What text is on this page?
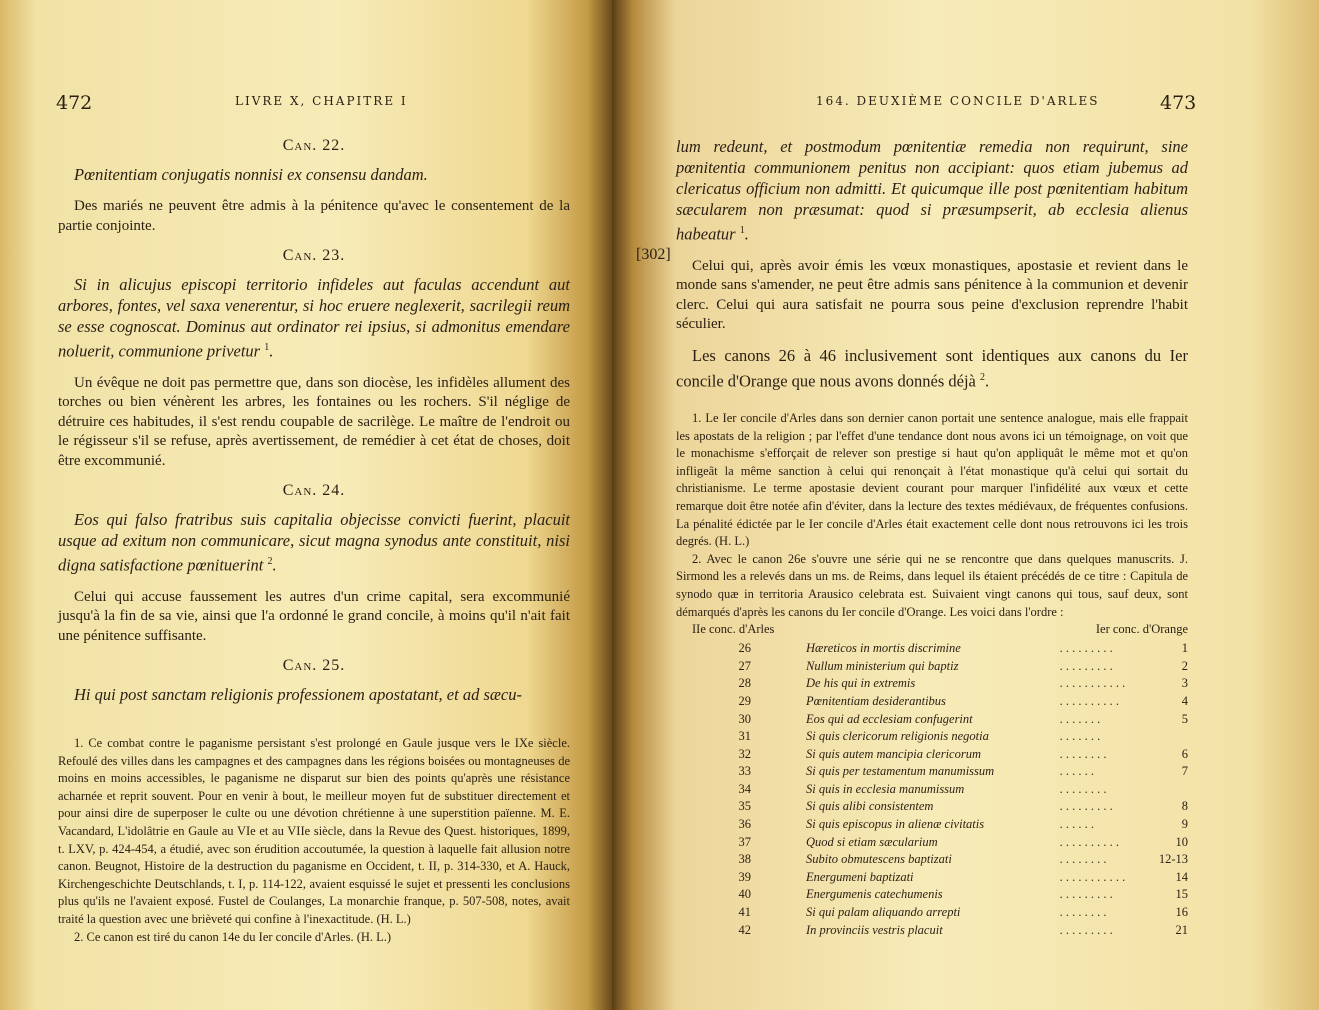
472	LIVRE X, CHAPITRE I
Can. 22.
Pœnitentiam conjugatis nonnisi ex consensu dandam.
Des mariés ne peuvent être admis à la pénitence qu'avec le consentement de la partie conjointe.
Can. 23.
Si in alicujus episcopi territorio infideles aut faculas accendunt aut arbores, fontes, vel saxa venerentur, si hoc eruere neglexerit, sacrilegii reum se esse cognoscat. Dominus aut ordinator rei ipsius, si admonitus emendare noluerit, communione privetur $^1$.
Un évêque ne doit pas permettre que, dans son diocèse, les infidèles allument des torches ou bien vénèrent les arbres, les fontaines ou les rochers. S'il néglige de détruire ces habitudes, il s'est rendu coupable de sacrilège. Le maître de l'endroit ou le régisseur s'il se refuse, après avertissement, de remédier à cet état de choses, doit être excommunié.
Can. 24.
Eos qui falso fratribus suis capitalia objecisse convicti fuerint, placuit usque ad exitum non communicare, sicut magna synodus ante constituit, nisi digna satisfactione pœnituerint $^2$.
Celui qui accuse faussement les autres d'un crime capital, sera excommunié jusqu'à la fin de sa vie, ainsi que l'a ordonné le grand concile, à moins qu'il n'ait fait une pénitence suffisante.
Can. 25.
Hi qui post sanctam religionis professionem apostatant, et ad sæcu-
1. Ce combat contre le paganisme persistant s'est prolongé en Gaule jusque vers le IXe siècle. Refoulé des villes dans les campagnes et des campagnes dans les régions boisées ou montagneuses de moins en moins accessibles, le paganisme ne disparut sur bien des points qu'après une résistance acharnée et reprit souvent. Pour en venir à bout, le meilleur moyen fut de substituer directement et pour ainsi dire de superposer le culte ou une dévotion chrétienne à une superstition païenne. M. E. Vacandard, L'idolâtrie en Gaule au VIe et au VIIe siècle, dans la Revue des Quest. historiques, 1899, t. LXV, p. 424-454, a étudié, avec son érudition accoutumée, la question à laquelle fait allusion notre canon. Beugnot, Histoire de la destruction du paganisme en Occident, t. II, p. 314-330, et A. Hauck, Kirchengeschichte Deutschlands, t. I, p. 114-122, avaient esquissé le sujet et pressenti les conclusions plus qu'ils ne l'avaient exposé. Fustel de Coulanges, La monarchie franque, p. 507-508, notes, avait traité la question avec une brièveté qui confine à l'inexactitude. (H. L.)
2. Ce canon est tiré du canon 14e du Ier concile d'Arles. (H. L.)
164. DEUXIÈME CONCILE D'ARLES	473
[302]
lum redeunt, et postmodum pœnitentiæ remedia non requirunt, sine pœnitentia communionem penitus non accipiant: quos etiam jubemus ad clericatus officium non admitti. Et quicumque ille post pœnitentiam habitum sæcularem non præsumat: quod si præsumpserit, ab ecclesia alienus habeatur $^1$.
Celui qui, après avoir émis les vœux monastiques, apostasie et revient dans le monde sans s'amender, ne peut être admis sans pénitence à la communion et devenir clerc. Celui qui aura satisfait ne pourra sous peine d'exclusion reprendre l'habit séculier.
Les canons 26 à 46 inclusivement sont identiques aux canons du Ier concile d'Orange que nous avons donnés déjà $^2$.
1. Le Ier concile d'Arles dans son dernier canon portait une sentence analogue, mais elle frappait les apostats de la religion ; par l'effet d'une tendance dont nous avons ici un témoignage, on voit que le monachisme s'efforçait de relever son prestige si haut qu'on appliquât le même mot et qu'on infligeât la même sanction à celui qui renonçait à l'état monastique qu'à celui qui sortait du christianisme. Le terme apostasie devient courant pour marquer l'infidélité aux vœux et cette remarque doit être notée afin d'éviter, dans la lecture des textes médiévaux, de fréquentes confusions. La pénalité édictée par le Ier concile d'Arles était exactement celle dont nous retrouvons ici les trois degrés. (H. L.)
2. Avec le canon 26e s'ouvre une série qui ne se rencontre que dans quelques manuscrits. J. Sirmond les a relevés dans un ms. de Reims, dans lequel ils étaient précédés de ce titre : Capitula de synodo quæ in territoria Arausico celebrata est. Suivaient vingt canons qui tous, sauf deux, sont démarqués d'après les canons du Ier concile d'Orange. Les voici dans l'ordre :
IIe conc. d'Arles	Ier conc. d'Orange
26	Hæreticos in mortis discrimine	. . . . . . . . .	1
27	Nullum ministerium qui baptiz	. . . . . . . . .	2
28	De his qui in extremis	. . . . . . . . . . .	3
29	Pœnitentiam desiderantibus	. . . . . . . . . .	4
30	Eos qui ad ecclesiam confugerint	. . . . . . .	5
31	Si quis clericorum religionis negotia	. . . . . . .	
32	Si quis autem mancipia clericorum	. . . . . . . .	6
33	Si quis per testamentum manumissum	. . . . . .	7
34	Si quis in ecclesia manumissum	. . . . . . . .	
35	Si quis alibi consistentem	. . . . . . . . .	8
36	Si quis episcopus in alienæ civitatis	. . . . . .	9
37	Quod si etiam sæcularium	. . . . . . . . . .	10
38	Subito obmutescens baptizati	. . . . . . . .	12-13
39	Energumeni baptizati	. . . . . . . . . . .	14
40	Energumenis catechumenis	. . . . . . . . .	15
41	Si qui palam aliquando arrepti	. . . . . . . .	16
42	In provinciis vestris placuit	. . . . . . . . .	21
